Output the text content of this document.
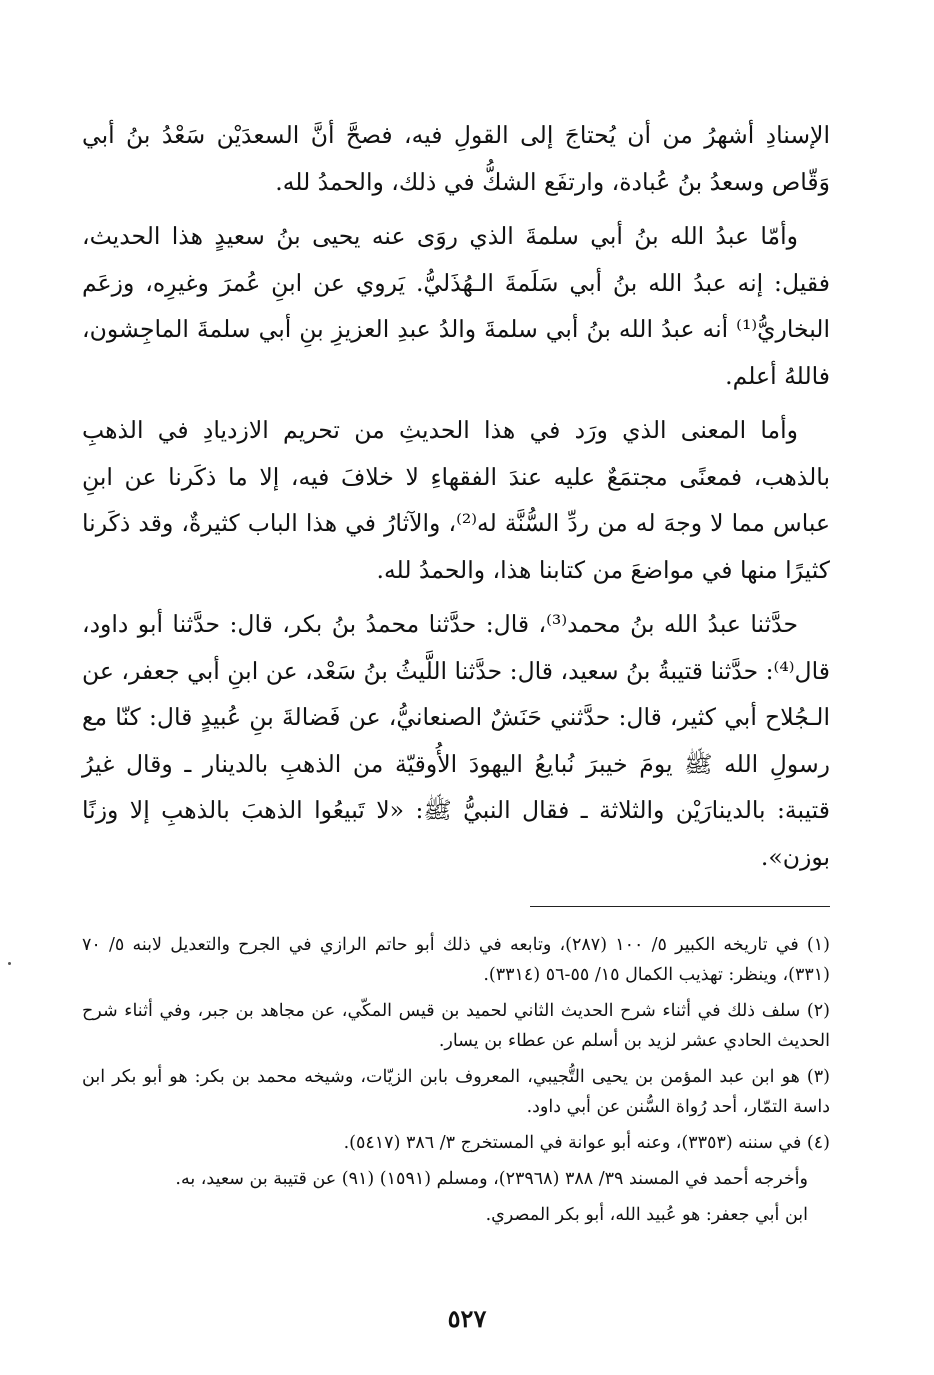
الإسنادِ أشهرُ من أن يُحتاجَ إلى القولِ فيه، فصحَّ أنَّ السعدَيْن سَعْدُ بنُ أبي وَقّاص وسعدُ بنُ عُبادة، وارتفَع الشكُّ في ذلك، والحمدُ لله.

وأمّا عبدُ الله بنُ أبي سلمةَ الذي روَى عنه يحيى بنُ سعيدٍ هذا الحديث، فقيل: إنه عبدُ الله بنُ أبي سَلَمةَ الـهُذَليُّ. يَروي عن ابنِ عُمرَ وغيرِه، وزعَم البخاريُّ⁽¹⁾ أنه عبدُ الله بنُ أبي سلمةَ والدُ عبدِ العزيزِ بنِ أبي سلمةَ الماجِشون، فاللهُ أعلم.

وأما المعنى الذي ورَد في هذا الحديثِ من تحريم الازديادِ في الذهبِ بالذهب، فمعنًى مجتمَعٌ عليه عندَ الفقهاءِ لا خلافَ فيه، إلا ما ذكَرنا عن ابنِ عباس مما لا وجهَ له من ردِّ السُّنَّة له⁽²⁾، والآثارُ في هذا الباب كثيرةٌ، وقد ذكَرنا كثيرًا منها في مواضعَ من كتابنا هذا، والحمدُ لله.

حدَّثنا عبدُ الله بنُ محمد⁽³⁾، قال: حدَّثنا محمدُ بنُ بكر، قال: حدَّثنا أبو داود، قال⁽⁴⁾: حدَّثنا قتيبةُ بنُ سعيد، قال: حدَّثنا اللَّيثُ بنُ سَعْد، عن ابنِ أبي جعفر، عن الـجُلاح أبي كثير، قال: حدَّثني حَنَشٌ الصنعانيُّ، عن فَضالةَ بنِ عُبيدٍ قال: كنّا مع رسولِ الله ﷺ يومَ خيبرَ نُبايعُ اليهودَ الأُوقيّة من الذهبِ بالدينار ـ وقال غيرُ قتيبة: بالدينارَيْن والثلاثة ـ فقال النبيُّ ﷺ: «لا تَبيعُوا الذهبَ بالذهبِ إلا وزنًا بوزن».

(١) في تاريخه الكبير ٥/ ١٠٠ (٢٨٧)، وتابعه في ذلك أبو حاتم الرازي في الجرح والتعديل لابنه ٥/ ٧٠ (٣٣١)، وينظر: تهذيب الكمال ١٥/ ٥٥-٥٦ (٣٣١٤).

(٢) سلف ذلك في أثناء شرح الحديث الثاني لحميد بن قيس المكّي، عن مجاهد بن جبر، وفي أثناء شرح الحديث الحادي عشر لزيد بن أسلم عن عطاء بن يسار.

(٣) هو ابن عبد المؤمن بن يحيى التُّجيبي، المعروف بابن الزيّات، وشيخه محمد بن بكر: هو أبو بكر ابن داسة التمّار، أحد رُواة السُّنن عن أبي داود.

(٤) في سننه (٣٣٥٣)، وعنه أبو عوانة في المستخرج ٣/ ٣٨٦ (٥٤١٧).

وأخرجه أحمد في المسند ٣٩/ ٣٨٨ (٢٣٩٦٨)، ومسلم (١٥٩١) (٩١) عن قتيبة بن سعيد، به.

ابن أبي جعفر: هو عُبيد الله، أبو بكر المصري.

٥٢٧
